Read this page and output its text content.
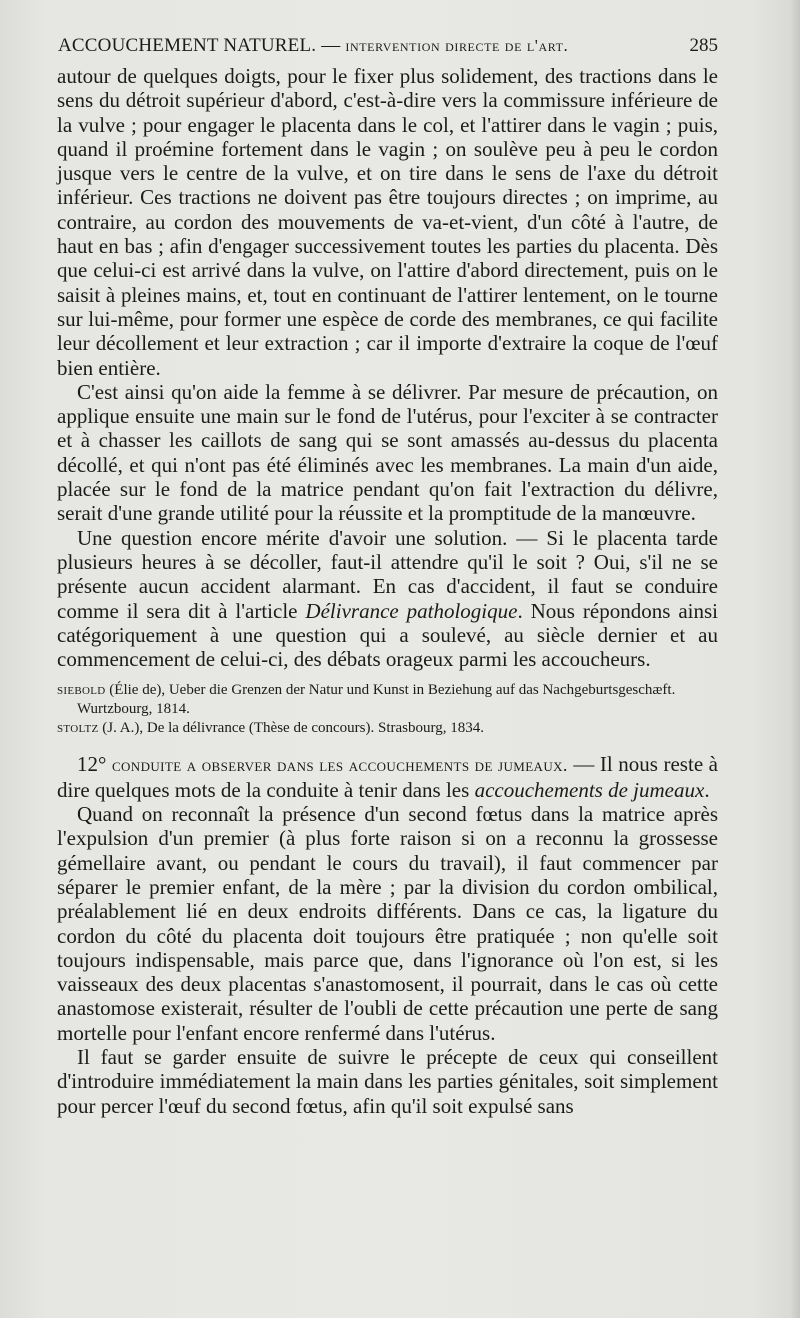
ACCOUCHEMENT NATUREL. — intervention directe de l'art.	285

autour de quelques doigts, pour le fixer plus solidement, des tractions dans le sens du détroit supérieur d'abord, c'est-à-dire vers la commissure inférieure de la vulve ; pour engager le placenta dans le col, et l'attirer dans le vagin ; puis, quand il proémine fortement dans le vagin ; on soulève peu à peu le cordon jusque vers le centre de la vulve, et on tire dans le sens de l'axe du détroit inférieur. Ces tractions ne doivent pas être toujours directes ; on imprime, au contraire, au cordon des mouvements de va-et-vient, d'un côté à l'autre, de haut en bas ; afin d'engager successivement toutes les parties du placenta. Dès que celui-ci est arrivé dans la vulve, on l'attire d'abord directement, puis on le saisit à pleines mains, et, tout en continuant de l'attirer lentement, on le tourne sur lui-même, pour former une espèce de corde des membranes, ce qui facilite leur décollement et leur extraction ; car il importe d'extraire la coque de l'œuf bien entière.

C'est ainsi qu'on aide la femme à se délivrer. Par mesure de précaution, on applique ensuite une main sur le fond de l'utérus, pour l'exciter à se contracter et à chasser les caillots de sang qui se sont amassés au-dessus du placenta décollé, et qui n'ont pas été éliminés avec les membranes. La main d'un aide, placée sur le fond de la matrice pendant qu'on fait l'extraction du délivre, serait d'une grande utilité pour la réussite et la promptitude de la manœuvre.

Une question encore mérite d'avoir une solution. — Si le placenta tarde plusieurs heures à se décoller, faut-il attendre qu'il le soit ? Oui, s'il ne se présente aucun accident alarmant. En cas d'accident, il faut se conduire comme il sera dit à l'article Délivrance pathologique. Nous répondons ainsi catégoriquement à une question qui a soulevé, au siècle dernier et au commencement de celui-ci, des débats orageux parmi les accoucheurs.

siebold (Élie de), Ueber die Grenzen der Natur und Kunst in Beziehung auf das Nachgeburtsgeschæft. Wurtzbourg, 1814.

stoltz (J. A.), De la délivrance (Thèse de concours). Strasbourg, 1834.

12° conduite a observer dans les accouchements de jumeaux. — Il nous reste à dire quelques mots de la conduite à tenir dans les accouchements de jumeaux.

Quand on reconnaît la présence d'un second fœtus dans la matrice après l'expulsion d'un premier (à plus forte raison si on a reconnu la grossesse gémellaire avant, ou pendant le cours du travail), il faut commencer par séparer le premier enfant, de la mère ; par la division du cordon ombilical, préalablement lié en deux endroits différents. Dans ce cas, la ligature du cordon du côté du placenta doit toujours être pratiquée ; non qu'elle soit toujours indispensable, mais parce que, dans l'ignorance où l'on est, si les vaisseaux des deux placentas s'anastomosent, il pourrait, dans le cas où cette anastomose existerait, résulter de l'oubli de cette précaution une perte de sang mortelle pour l'enfant encore renfermé dans l'utérus.

Il faut se garder ensuite de suivre le précepte de ceux qui conseillent d'introduire immédiatement la main dans les parties génitales, soit simplement pour percer l'œuf du second fœtus, afin qu'il soit expulsé sans
